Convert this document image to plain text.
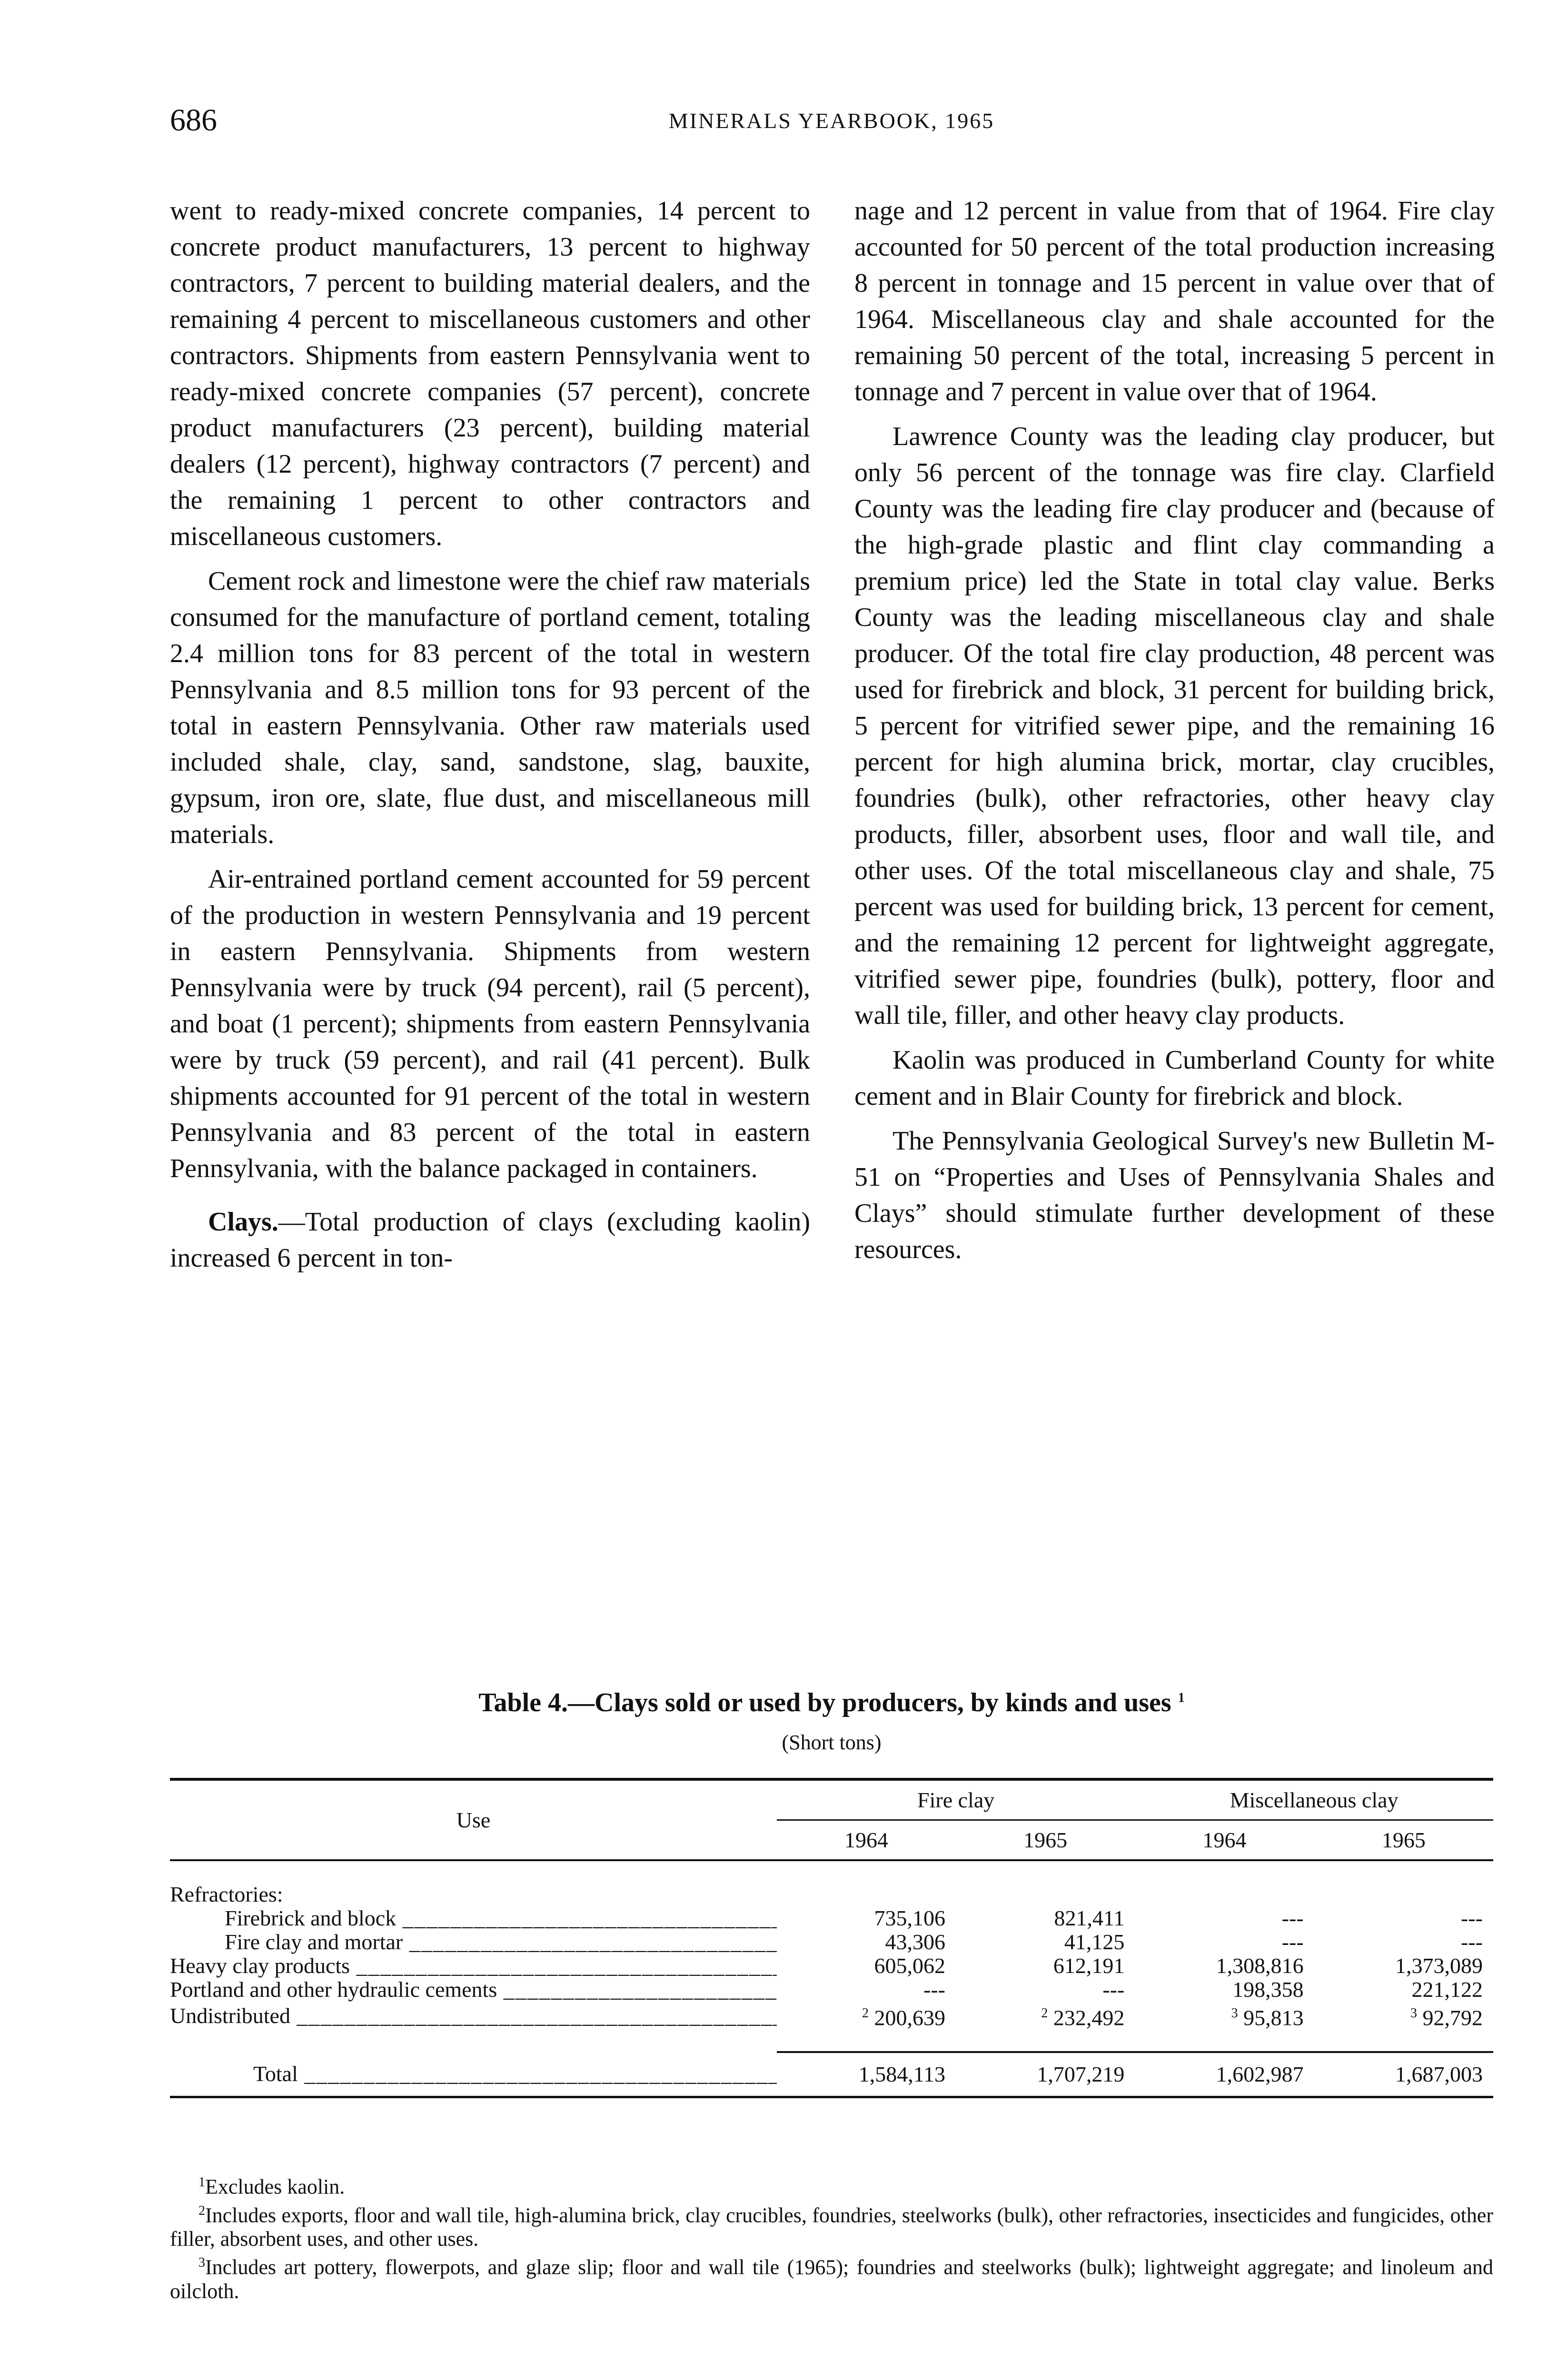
686	MINERALS YEARBOOK, 1965

went to ready-mixed concrete companies, 14 percent to concrete product manufacturers, 13 percent to highway contractors, 7 percent to building material dealers, and the remaining 4 percent to miscellaneous customers and other contractors. Shipments from eastern Pennsylvania went to ready-mixed concrete companies (57 percent), concrete product manufacturers (23 percent), building material dealers (12 percent), highway contractors (7 percent) and the remaining 1 percent to other contractors and miscellaneous customers.

Cement rock and limestone were the chief raw materials consumed for the manufacture of portland cement, totaling 2.4 million tons for 83 percent of the total in western Pennsylvania and 8.5 million tons for 93 percent of the total in eastern Pennsylvania. Other raw materials used included shale, clay, sand, sandstone, slag, bauxite, gypsum, iron ore, slate, flue dust, and miscellaneous mill materials.

Air-entrained portland cement accounted for 59 percent of the production in western Pennsylvania and 19 percent in eastern Pennsylvania. Shipments from western Pennsylvania were by truck (94 percent), rail (5 percent), and boat (1 percent); shipments from eastern Pennsylvania were by truck (59 percent), and rail (41 percent). Bulk shipments accounted for 91 percent of the total in western Pennsylvania and 83 percent of the total in eastern Pennsylvania, with the balance packaged in containers.

Clays.—Total production of clays (excluding kaolin) increased 6 percent in ton-

nage and 12 percent in value from that of 1964. Fire clay accounted for 50 percent of the total production increasing 8 percent in tonnage and 15 percent in value over that of 1964. Miscellaneous clay and shale accounted for the remaining 50 percent of the total, increasing 5 percent in tonnage and 7 percent in value over that of 1964.

Lawrence County was the leading clay producer, but only 56 percent of the tonnage was fire clay. Clarfield County was the leading fire clay producer and (because of the high-grade plastic and flint clay commanding a premium price) led the State in total clay value. Berks County was the leading miscellaneous clay and shale producer. Of the total fire clay production, 48 percent was used for firebrick and block, 31 percent for building brick, 5 percent for vitrified sewer pipe, and the remaining 16 percent for high alumina brick, mortar, clay crucibles, foundries (bulk), other refractories, other heavy clay products, filler, absorbent uses, floor and wall tile, and other uses. Of the total miscellaneous clay and shale, 75 percent was used for building brick, 13 percent for cement, and the remaining 12 percent for lightweight aggregate, vitrified sewer pipe, foundries (bulk), pottery, floor and wall tile, filler, and other heavy clay products.

Kaolin was produced in Cumberland County for white cement and in Blair County for firebrick and block.

The Pennsylvania Geological Survey's new Bulletin M-51 on “Properties and Uses of Pennsylvania Shales and Clays” should stimulate further development of these resources.

Table 4.—Clays sold or used by producers, by kinds and uses $^1$
(Short tons)
Use	Fire clay		Miscellaneous clay	
	1964	1965	1964	1965

Refractories:				
Firebrick and block _____	735,106	821,411	---	---
Fire clay and mortar _____	43,306	41,125	---	---
Heavy clay products _____	605,062	612,191	1,308,816	1,373,089
Portland and other hydraulic cements _____	---	---	198,358	221,122
Undistributed _____	$^2$ 200,639	$^2$ 232,492	$^3$ 95,813	$^3$ 92,792

Total _____	1,584,113	1,707,219	1,602,987	1,687,003

$^1$Excludes kaolin.
$^2$Includes exports, floor and wall tile, high-alumina brick, clay crucibles, foundries, steelworks (bulk), other refractories, insecticides and fungicides, other filler, absorbent uses, and other uses.
$^3$Includes art pottery, flowerpots, and glaze slip; floor and wall tile (1965); foundries and steelworks (bulk); lightweight aggregate; and linoleum and oilcloth.
